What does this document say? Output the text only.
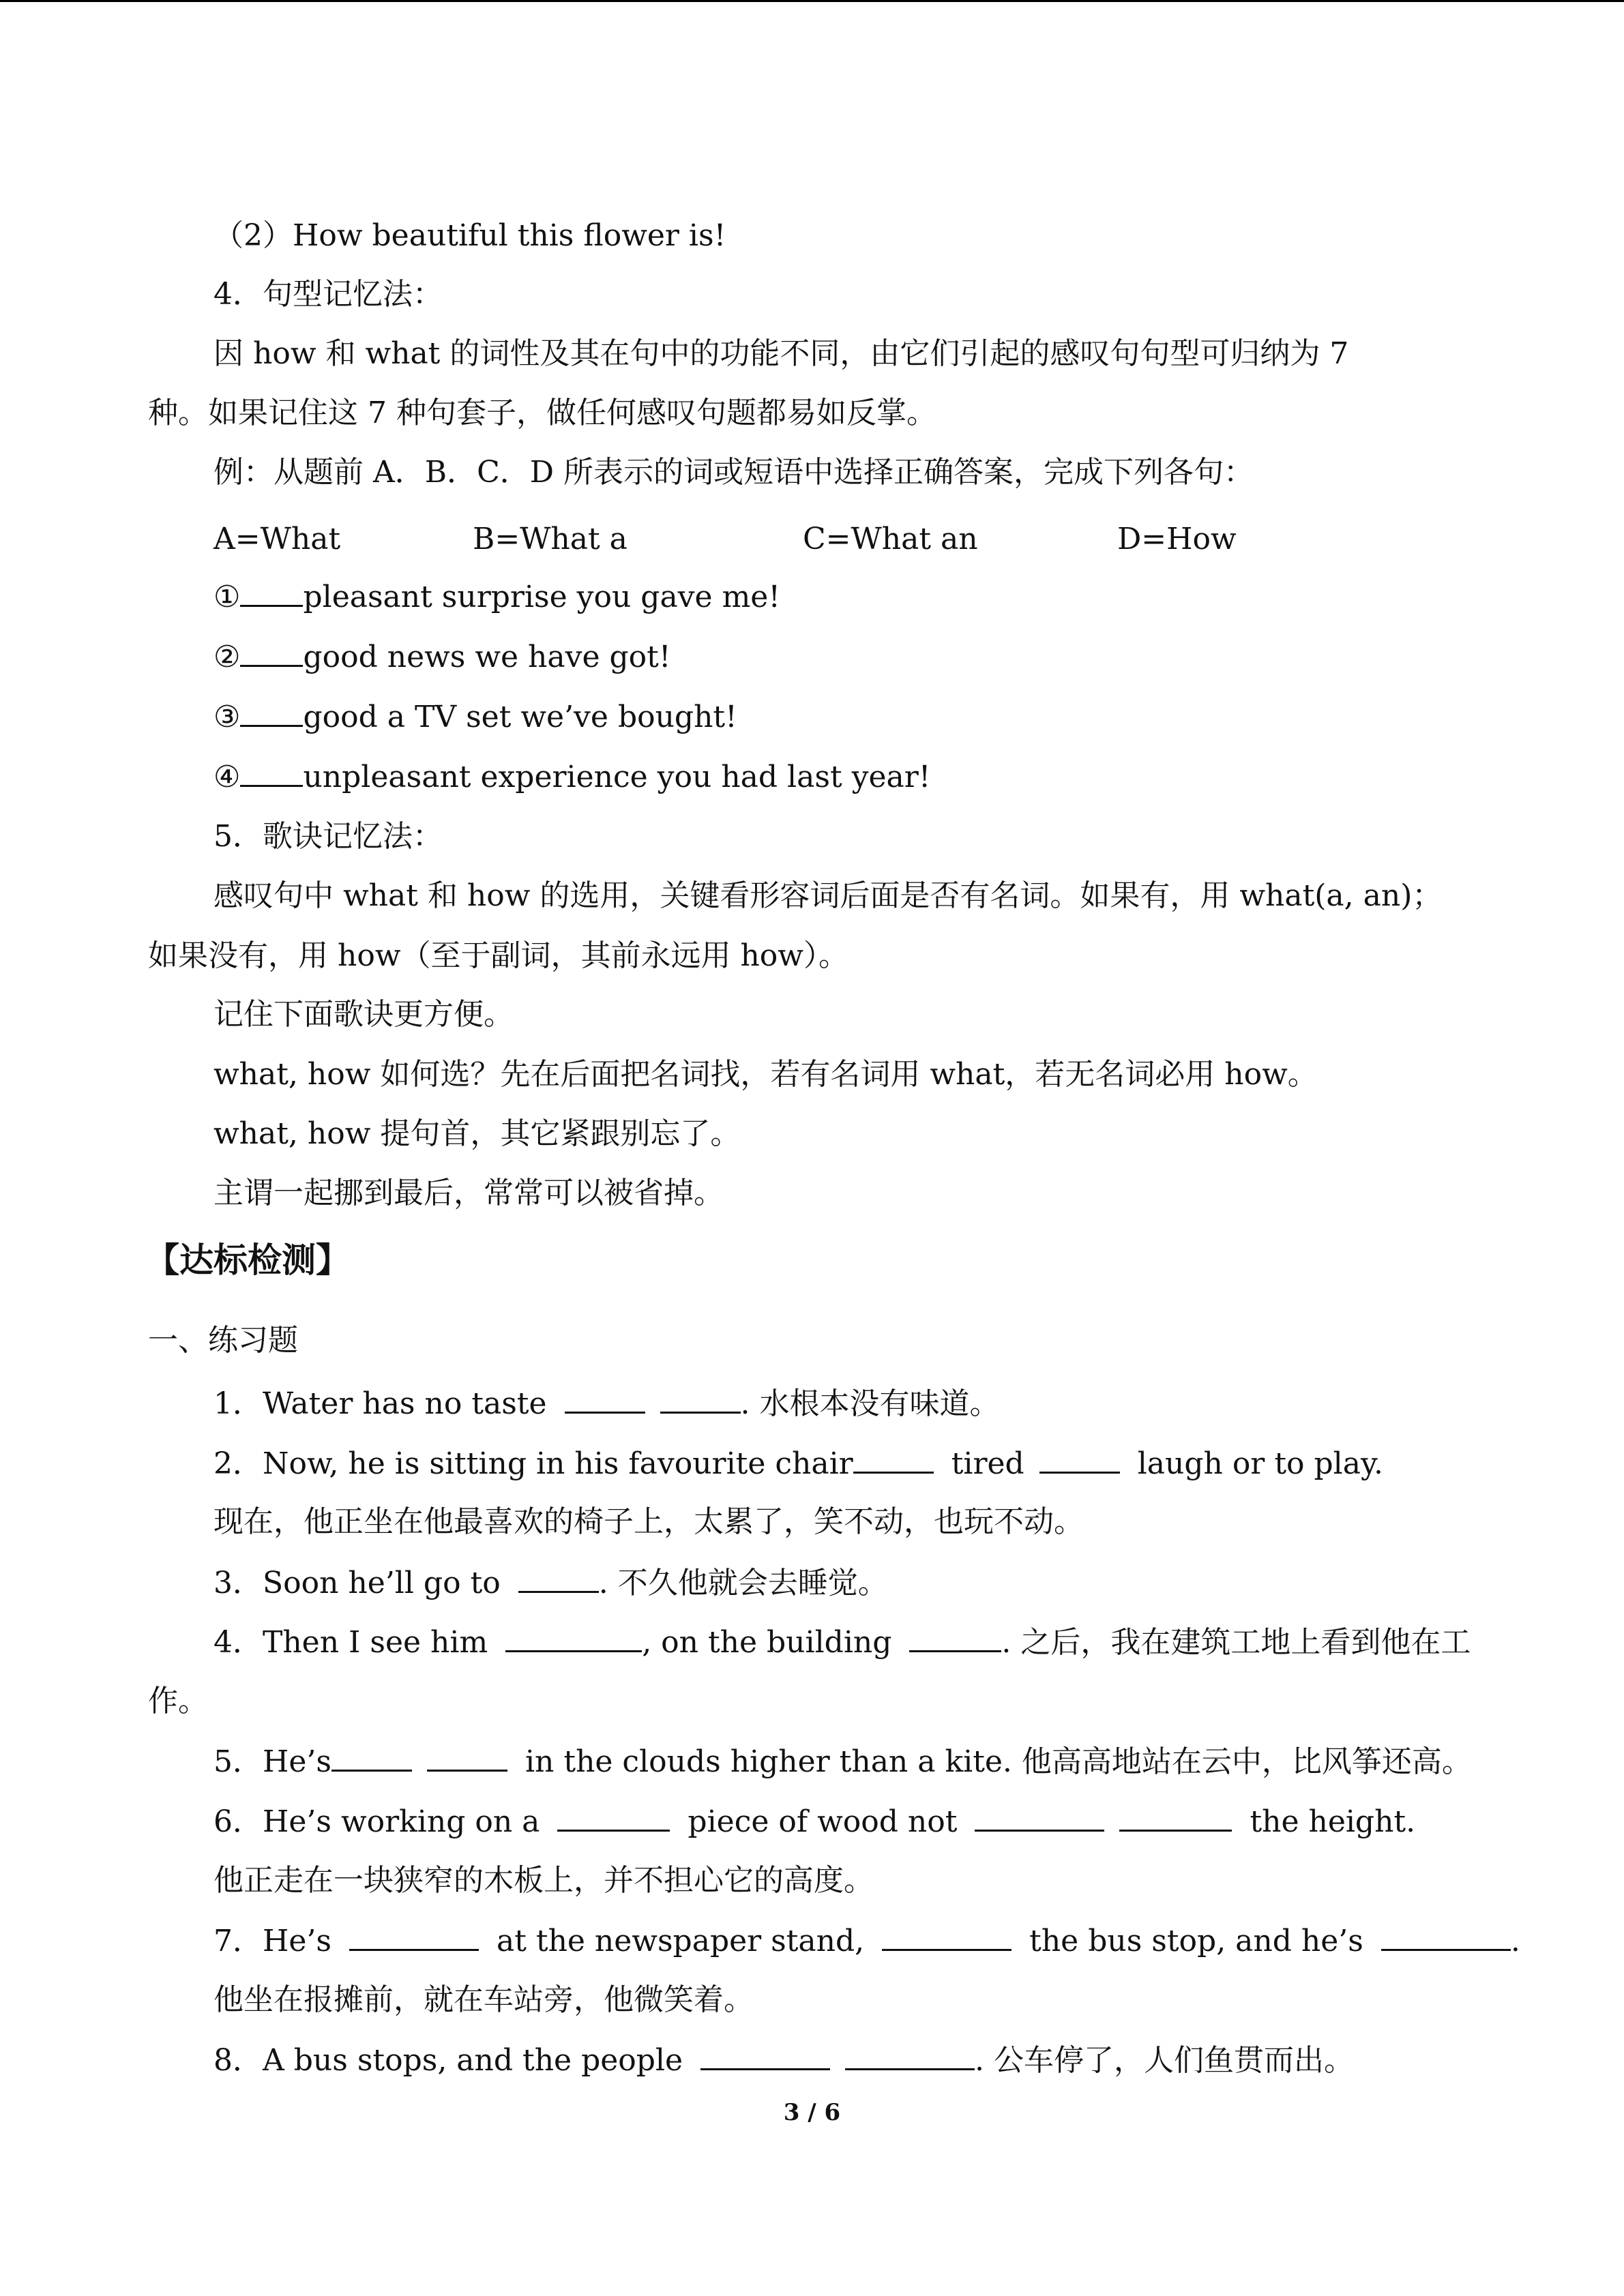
（2）How beautiful this flower is!
4．句型记忆法：
因 how 和 what 的词性及其在句中的功能不同，由它们引起的感叹句句型可归纳为 7
种。如果记住这 7 种句套子，做任何感叹句题都易如反掌。
例：从题前 A．B．C．D 所表示的词或短语中选择正确答案，完成下列各句：
A=What	B=What a	C=What an	D=How
① pleasant surprise you gave me!
② good news we have got!
③ good a TV set we’ve bought!
④ unpleasant experience you had last year!
5．歌诀记忆法：
感叹句中 what 和 how 的选用，关键看形容词后面是否有名词。如果有，用 what(a, an)；
如果没有，用 how（至于副词，其前永远用 how）。
记住下面歌诀更方便。
what, how 如何选？先在后面把名词找，若有名词用 what，若无名词必用 how。
what, how 提句首，其它紧跟别忘了。
主谓一起挪到最后，常常可以被省掉。
【达标检测】
一、练习题
1．Water has no taste	. 水根本没有味道。
2．Now, he is sitting in his favourite chair	tired	laugh or to play.
现在，他正坐在他最喜欢的椅子上，太累了，笑不动，也玩不动。
3．Soon he’ll go to	. 不久他就会去睡觉。
4．Then I see him	, on the building	. 之后，我在建筑工地上看到他在工
作。
5．He’s	in the clouds higher than a kite. 他高高地站在云中，比风筝还高。
6．He’s working on a	piece of wood not	the height.
他正走在一块狭窄的木板上，并不担心它的高度。
7．He’s	at the newspaper stand,	the bus stop, and he’s	.
他坐在报摊前，就在车站旁，他微笑着。
8．A bus stops, and the people	. 公车停了，人们鱼贯而出。
3 / 6
